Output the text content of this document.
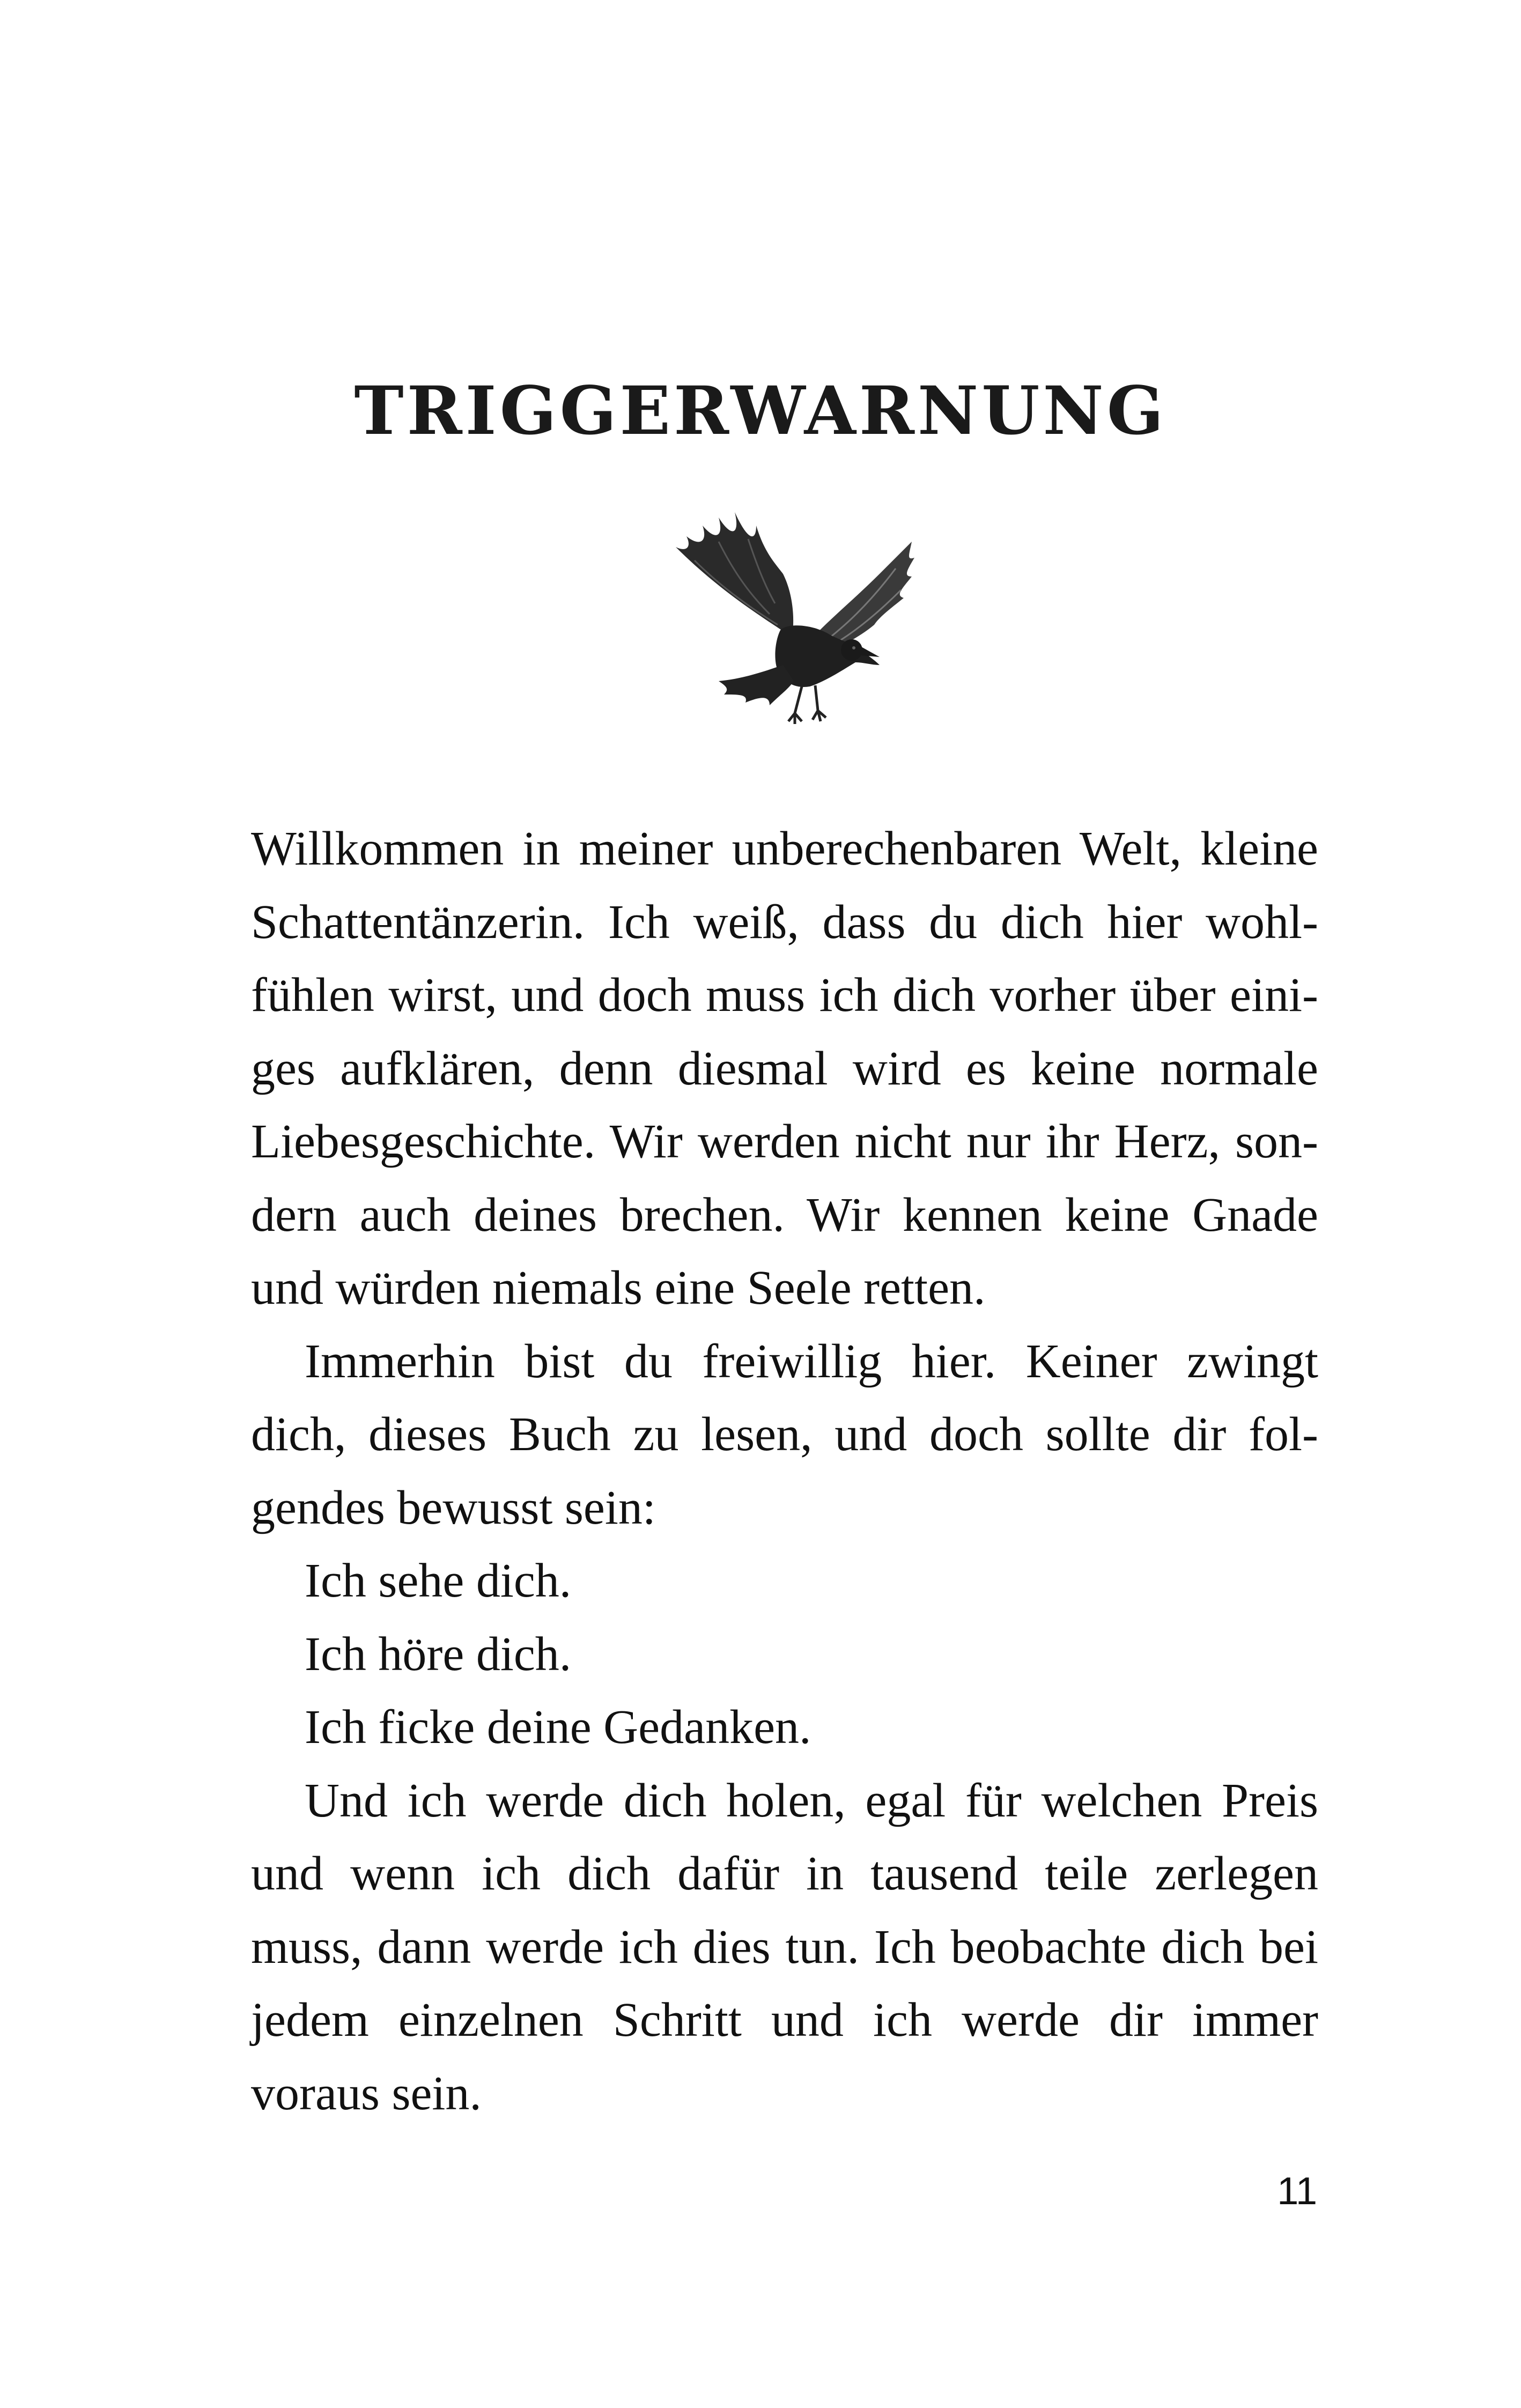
TRIGGERWARNUNG

Willkommen in meiner unberechenbaren Welt, kleine Schattentänzerin. Ich weiß, dass du dich hier wohlfühlen wirst, und doch muss ich dich vorher über einiges aufklären, denn diesmal wird es keine normale Liebesgeschichte. Wir werden nicht nur ihr Herz, sondern auch deines brechen. Wir kennen keine Gnade und würden niemals eine Seele retten.

Immerhin bist du freiwillig hier. Keiner zwingt dich, dieses Buch zu lesen, und doch sollte dir folgendes bewusst sein:

Ich sehe dich.

Ich höre dich.

Ich ficke deine Gedanken.

Und ich werde dich holen, egal für welchen Preis und wenn ich dich dafür in tausend teile zerlegen muss, dann werde ich dies tun. Ich beobachte dich bei jedem einzelnen Schritt und ich werde dir immer voraus sein.

11
